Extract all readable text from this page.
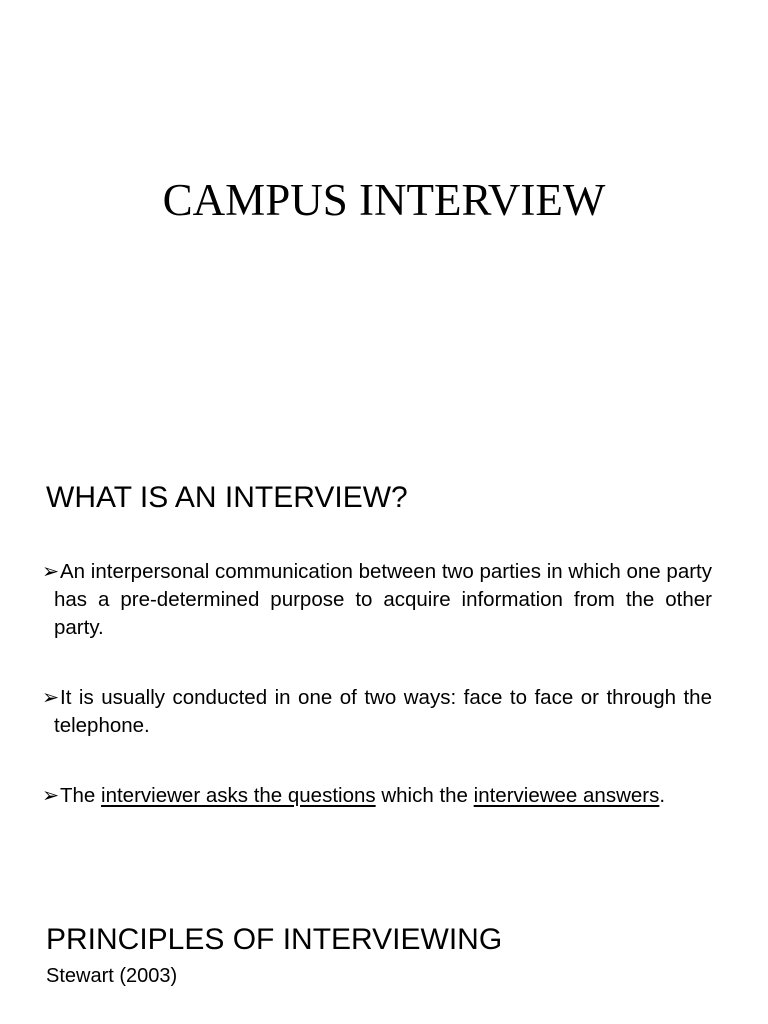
CAMPUS INTERVIEW
WHAT IS AN INTERVIEW?
➢ An interpersonal communication between two parties in which one party has a pre-determined purpose to acquire information from the other party.
➢ It is usually conducted in one of two ways: face to face or through the telephone.
➢ The interviewer asks the questions which the interviewee answers.
PRINCIPLES OF INTERVIEWING

Stewart (2003)
